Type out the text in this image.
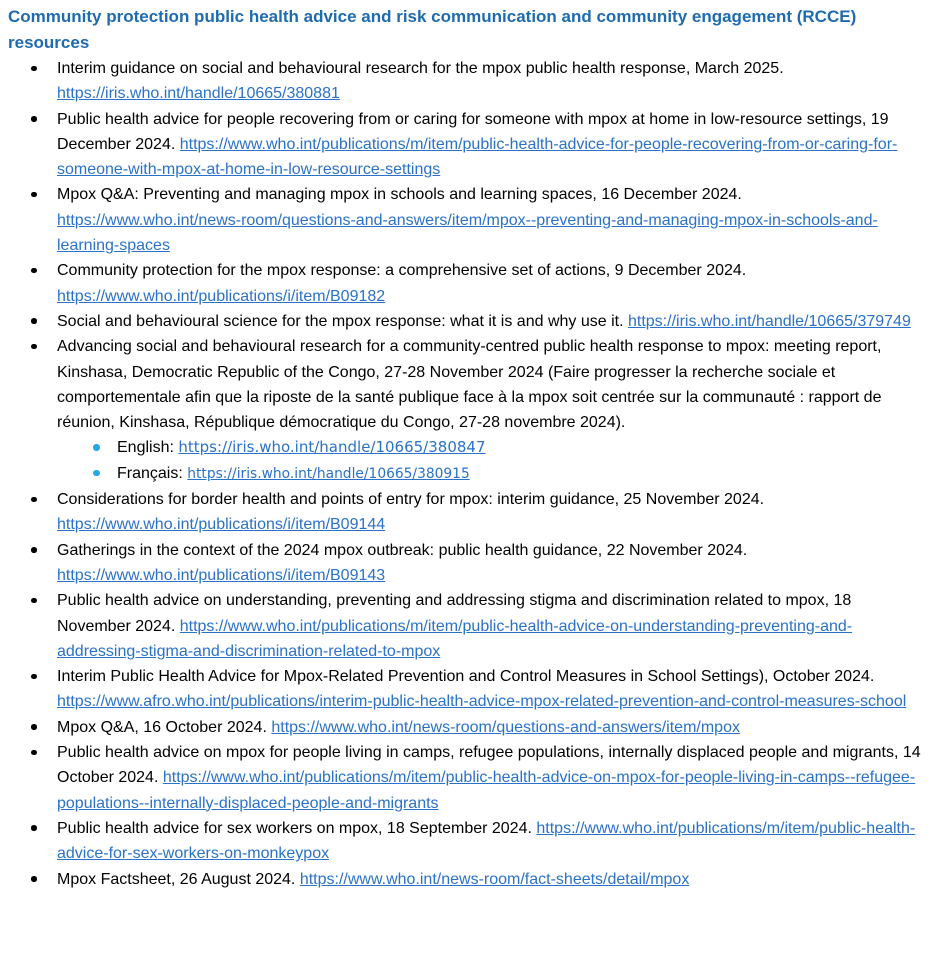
Community protection public health advice and risk communication and community engagement (RCCE) resources
Interim guidance on social and behavioural research for the mpox public health response, March 2025. https://iris.who.int/handle/10665/380881
Public health advice for people recovering from or caring for someone with mpox at home in low-resource settings, 19 December 2024. https://www.who.int/publications/m/item/public-health-advice-for-people-recovering-from-or-caring-for-someone-with-mpox-at-home-in-low-resource-settings
Mpox Q&A: Preventing and managing mpox in schools and learning spaces, 16 December 2024. https://www.who.int/news-room/questions-and-answers/item/mpox--preventing-and-managing-mpox-in-schools-and-learning-spaces
Community protection for the mpox response: a comprehensive set of actions, 9 December 2024. https://www.who.int/publications/i/item/B09182
Social and behavioural science for the mpox response: what it is and why use it. https://iris.who.int/handle/10665/379749
Advancing social and behavioural research for a community-centred public health response to mpox: meeting report, Kinshasa, Democratic Republic of the Congo, 27-28 November 2024 (Faire progresser la recherche sociale et comportementale afin que la riposte de la santé publique face à la mpox soit centrée sur la communauté : rapport de réunion, Kinshasa, République démocratique du Congo, 27-28 novembre 2024).
English: https://iris.who.int/handle/10665/380847
Français: https://iris.who.int/handle/10665/380915
Considerations for border health and points of entry for mpox: interim guidance, 25 November 2024. https://www.who.int/publications/i/item/B09144
Gatherings in the context of the 2024 mpox outbreak: public health guidance, 22 November 2024. https://www.who.int/publications/i/item/B09143
Public health advice on understanding, preventing and addressing stigma and discrimination related to mpox, 18 November 2024. https://www.who.int/publications/m/item/public-health-advice-on-understanding-preventing-and-addressing-stigma-and-discrimination-related-to-mpox
Interim Public Health Advice for Mpox-Related Prevention and Control Measures in School Settings), October 2024. https://www.afro.who.int/publications/interim-public-health-advice-mpox-related-prevention-and-control-measures-school
Mpox Q&A, 16 October 2024. https://www.who.int/news-room/questions-and-answers/item/mpox
Public health advice on mpox for people living in camps, refugee populations, internally displaced people and migrants, 14 October 2024. https://www.who.int/publications/m/item/public-health-advice-on-mpox-for-people-living-in-camps--refugee-populations--internally-displaced-people-and-migrants
Public health advice for sex workers on mpox, 18 September 2024. https://www.who.int/publications/m/item/public-health-advice-for-sex-workers-on-monkeypox
Mpox Factsheet, 26 August 2024. https://www.who.int/news-room/fact-sheets/detail/mpox
